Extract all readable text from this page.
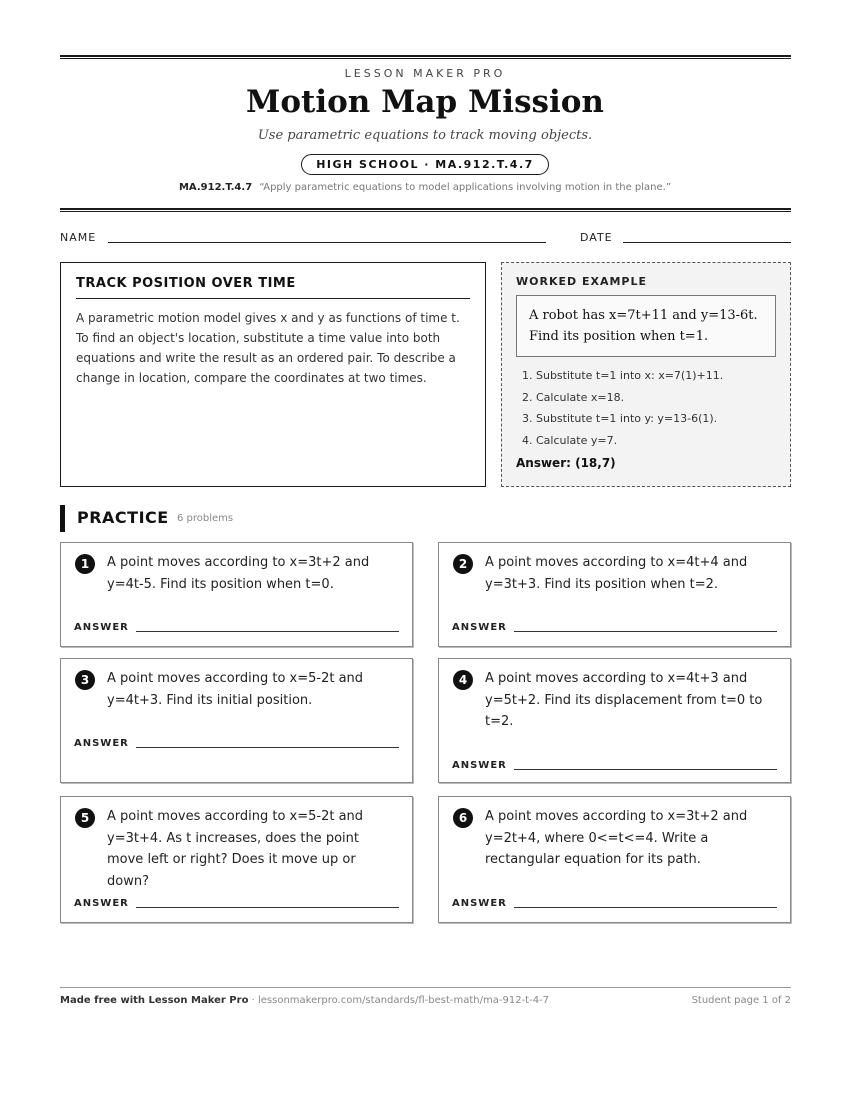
LESSON MAKER PRO
Motion Map Mission
Use parametric equations to track moving objects.
HIGH SCHOOL · MA.912.T.4.7
MA.912.T.4.7 “Apply parametric equations to model applications involving motion in the plane.”
NAME	DATE
TRACK POSITION OVER TIME
A parametric motion model gives x and y as functions of time t. To find an object's location, substitute a time value into both equations and write the result as an ordered pair. To describe a change in location, compare the coordinates at two times.
WORKED EXAMPLE
A robot has x=7t+11 and y=13-6t. Find its position when t=1.
1. Substitute t=1 into x: x=7(1)+11.
2. Calculate x=18.
3. Substitute t=1 into y: y=13-6(1).
4. Calculate y=7.
Answer: (18,7)
PRACTICE 6 problems
1	A point moves according to x=3t+2 and y=4t-5. Find its position when t=0.
ANSWER
2	A point moves according to x=4t+4 and y=3t+3. Find its position when t=2.
ANSWER
3	A point moves according to x=5-2t and y=4t+3. Find its initial position.
ANSWER
4	A point moves according to x=4t+3 and y=5t+2. Find its displacement from t=0 to t=2.
ANSWER
5	A point moves according to x=5-2t and y=3t+4. As t increases, does the point move left or right? Does it move up or down?
ANSWER
6	A point moves according to x=3t+2 and y=2t+4, where 0<=t<=4. Write a rectangular equation for its path.
ANSWER
Made free with Lesson Maker Pro · lessonmakerpro.com/standards/fl-best-math/ma-912-t-4-7	Student page 1 of 2
